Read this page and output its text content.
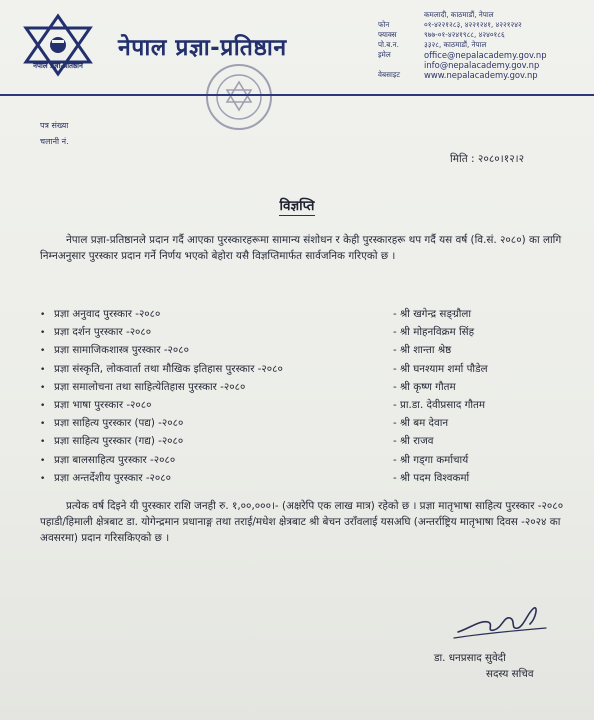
नेपाल प्रज्ञा-प्रतिष्ठान
नेपाल प्रज्ञा-प्रतिष्ठान
कमलादी, काठमाडौं, नेपाल
फोन	०१-४२२१२८३, ४२२१२४१, ४२२१२४२
फ्याक्स	९७७-०१-४२४१९८८, ४२४०१८६
पो.ब.न.	३३२८, काठमाडौं, नेपाल
इमेल	office@nepalacademy.gov.np
info@nepalacademy.gov.np
वेबसाइट	www.nepalacademy.gov.np
पत्र संख्या
चलानी नं.
मिति : २०८०।१२।२
विज्ञप्ति
नेपाल प्रज्ञा-प्रतिष्ठानले प्रदान गर्दै आएका पुरस्कारहरूमा सामान्य संशोधन र केही पुरस्कारहरू थप गर्दै यस वर्ष (वि.सं. २०८०) का लागि निम्नअनुसार पुरस्कार प्रदान गर्ने निर्णय भएको बेहोरा यसै विज्ञप्तिमार्फत सार्वजनिक गरिएको छ ।
• प्रज्ञा अनुवाद पुरस्कार -२०८०	- श्री खगेन्द्र सङ्ग्रौला
• प्रज्ञा दर्शन पुरस्कार -२०८०	- श्री मोहनविक्रम सिंह
• प्रज्ञा सामाजिकशास्त्र पुरस्कार -२०८०	- श्री शान्ता श्रेष्ठ
• प्रज्ञा संस्कृति, लोकवार्ता तथा मौखिक इतिहास पुरस्कार -२०८०	- श्री घनश्याम शर्मा पौडेल
• प्रज्ञा समालोचना तथा साहित्येतिहास पुरस्कार -२०८०	- श्री कृष्ण गौतम
• प्रज्ञा भाषा पुरस्कार -२०८०	- प्रा.डा. देवीप्रसाद गौतम
• प्रज्ञा साहित्य पुरस्कार (पद्य) -२०८०	- श्री बम देवान
• प्रज्ञा साहित्य पुरस्कार (गद्य) -२०८०	- श्री राजव
• प्रज्ञा बालसाहित्य पुरस्कार -२०८०	- श्री गड्गा कर्माचार्य
• प्रज्ञा अन्तर्देशीय पुरस्कार -२०८०	- श्री पदम विश्वकर्मा
प्रत्येक वर्ष दिइने यी पुरस्कार राशि जनही रु. १,००,०००।- (अक्षरेपि एक लाख मात्र) रहेको छ । प्रज्ञा मातृभाषा साहित्य पुरस्कार -२०८० पहाडी/हिमाली क्षेत्रबाट डा. योगेन्द्रमान प्रधानाङ्ग तथा तराई/मधेश क्षेत्रबाट श्री बेचन उराँवलाई यसअघि (अन्तर्राष्ट्रिय मातृभाषा दिवस -२०२४ का अवसरमा) प्रदान गरिसकिएको छ ।
डा. धनप्रसाद सुवेदी
सदस्य सचिव
